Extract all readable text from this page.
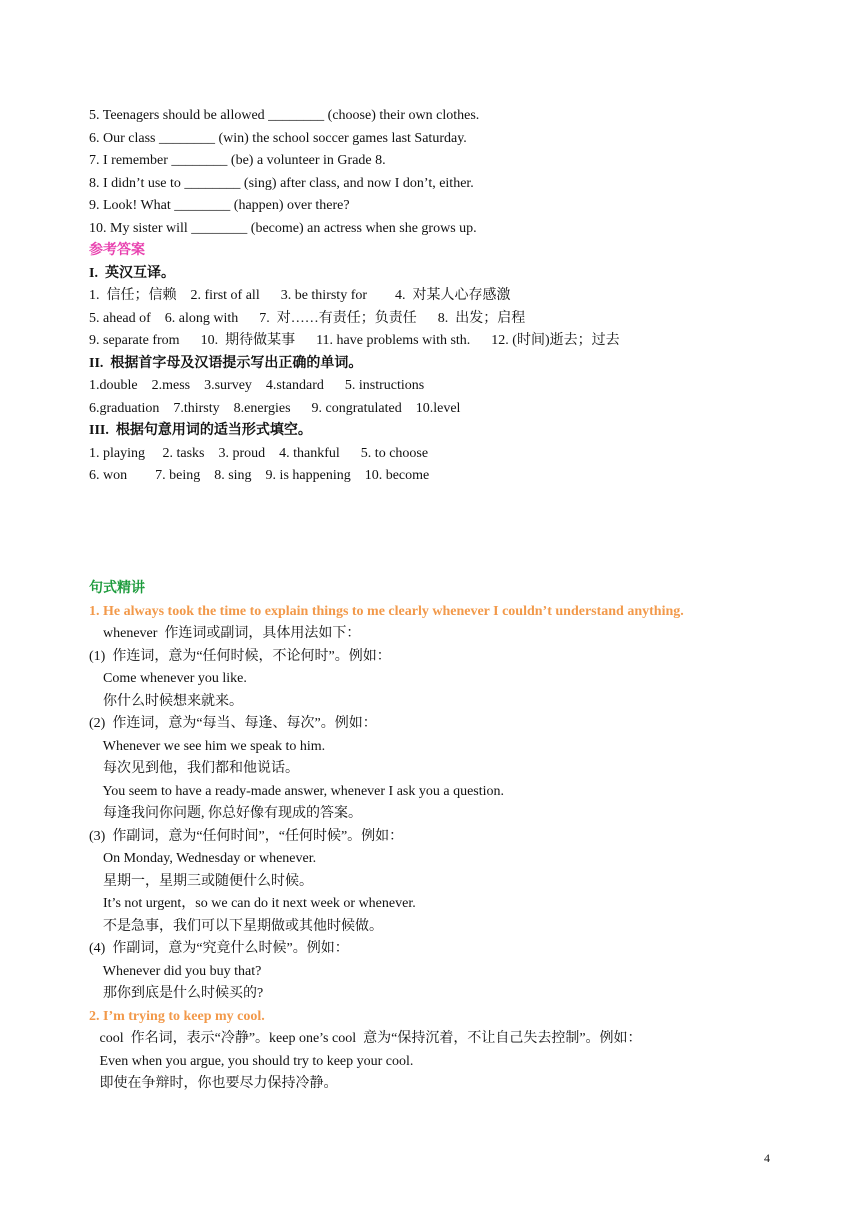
5. Teenagers should be allowed ________ (choose) their own clothes.
6. Our class ________ (win) the school soccer games last Saturday.
7. I remember ________ (be) a volunteer in Grade 8.
8. I didn’t use to ________ (sing) after class, and now I don’t, either.
9. Look! What ________ (happen) over there?
10. My sister will ________ (become) an actress when she grows up.
参考答案
I.  英汉互译。
1.  信任；信赖    2. first of all      3. be thirsty for        4.  对某人心存感激
5. ahead of    6. along with      7.  对……有责任；负责任      8.  出发；启程
9. separate from      10.  期待做某事      11. have problems with sth.      12. (时间)逝去；过去
II.  根据首字母及汉语提示写出正确的单词。
1.double    2.mess    3.survey    4.standard      5. instructions
6.graduation    7.thirsty    8.energies      9. congratulated    10.level
III.  根据句意用词的适当形式填空。
1. playing     2. tasks    3. proud    4. thankful      5. to choose
6. won        7. being    8. sing    9. is happening    10. become
句式精讲
1. He always took the time to explain things to me clearly whenever I couldn’t understand anything.
whenever  作连词或副词，具体用法如下：
(1)  作连词，意为“任何时候，不论何时”。例如：
Come whenever you like.
你什么时候想来就来。
(2)  作连词，意为“每当、每逢、每次”。例如：
Whenever we see him we speak to him.
每次见到他，我们都和他说话。
You seem to have a ready-made answer, whenever I ask you a question.
每逢我问你问题, 你总好像有现成的答案。
(3)  作副词，意为“任何时间”，“任何时候”。例如：
On Monday, Wednesday or whenever.
星期一，星期三或随便什么时候。
It’s not urgent，so we can do it next week or whenever.
不是急事，我们可以下星期做或其他时候做。
(4)  作副词，意为“究竟什么时候”。例如：
Whenever did you buy that?
那你到底是什么时候买的?
2. I’m trying to keep my cool.
cool  作名词，表示“冷静”。keep one’s cool  意为“保持沉着，不让自己失去控制”。例如：
Even when you argue, you should try to keep your cool.
即使在争辩时，你也要尽力保持冷静。
4
